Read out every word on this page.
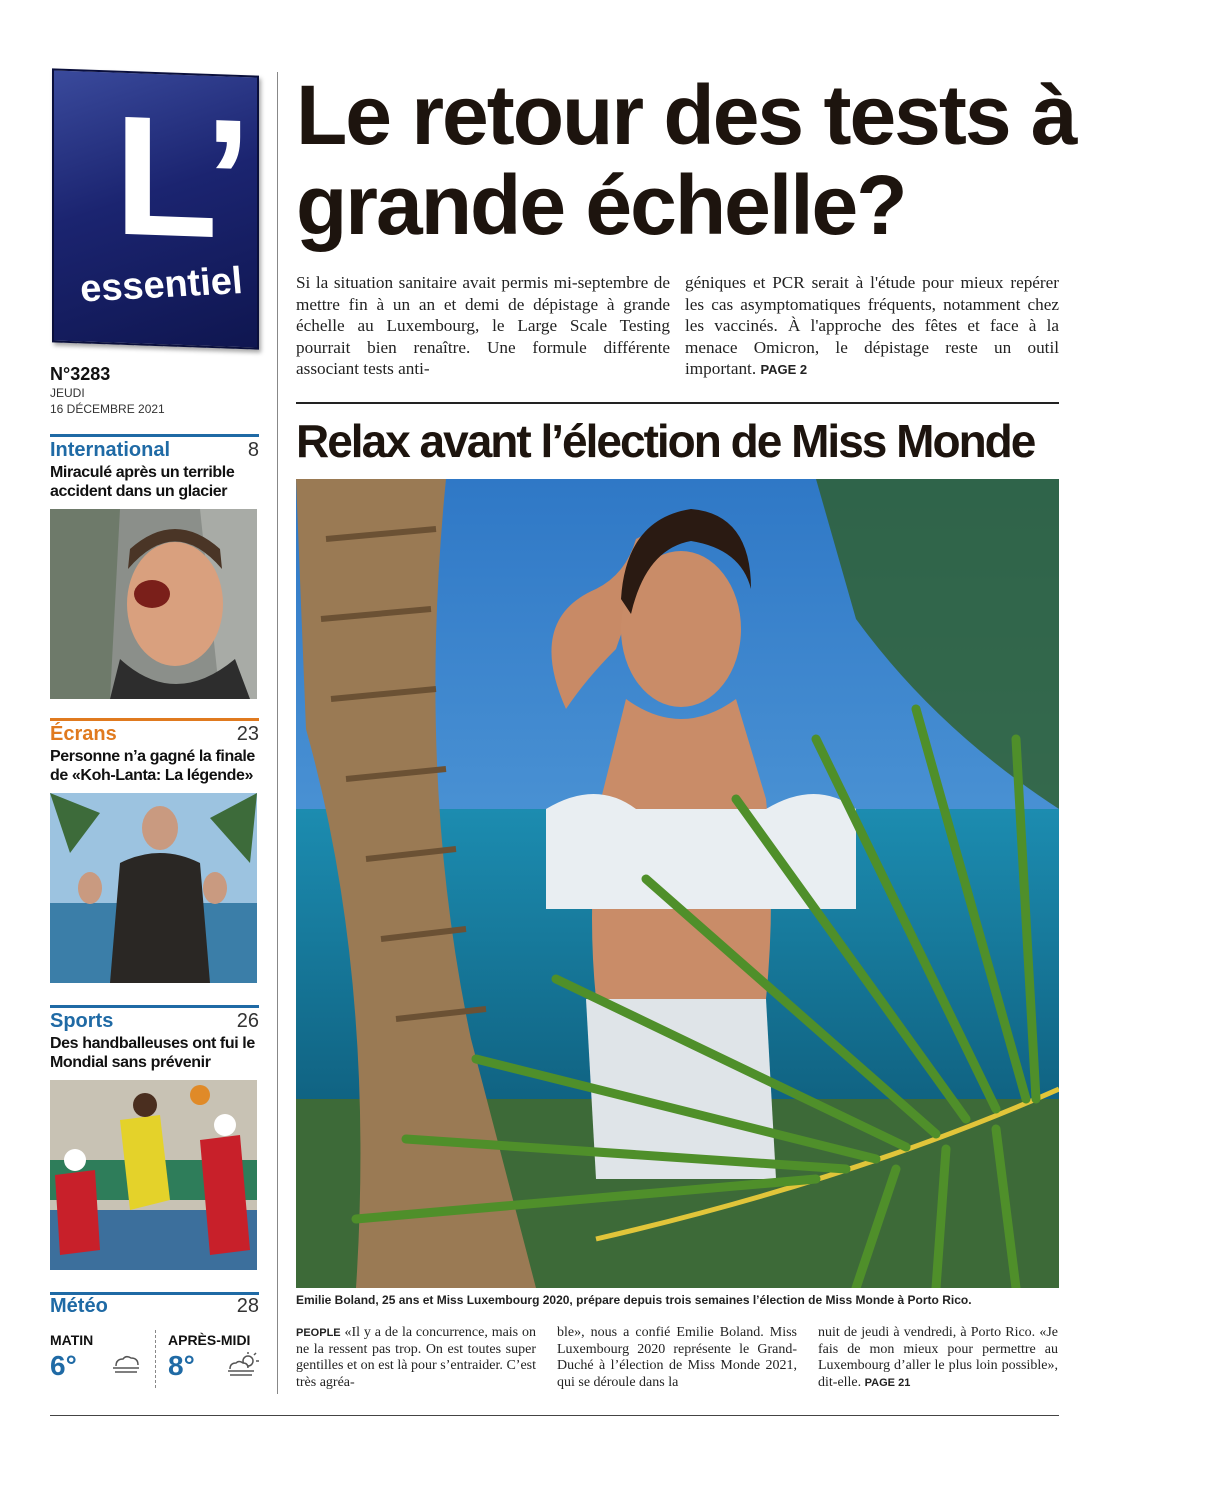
L’
essentiel
N°3283
JEUDI
16 DÉCEMBRE 2021
International	8
Miraculé après un terrible accident dans un glacier
Écrans	23
Personne n’a gagné la finale de «Koh-Lanta: La légende»
Sports	26
Des handballeuses ont fui le Mondial sans prévenir
Météo	28
MATIN
6°
APRÈS-MIDI
8°
Le retour des tests à grande échelle?
Si la situation sanitaire avait permis mi-septembre de mettre fin à un an et demi de dépistage à grande échelle au Luxembourg, le Large Scale Testing pourrait bien renaître. Une formule différente associant tests anti-
géniques et PCR serait à l'étude pour mieux repérer les cas asymptomatiques fréquents, notamment chez les vaccinés. À l'approche des fêtes et face à la menace Omicron, le dépistage reste un outil important. PAGE 2
Relax avant l’élection de Miss Monde
Emilie Boland, 25 ans et Miss Luxembourg 2020, prépare depuis trois semaines l’élection de Miss Monde à Porto Rico.
PEOPLE «Il y a de la concurrence, mais on ne la ressent pas trop. On est toutes super gentilles et on est là pour s’entraider. C’est très agréa-
ble», nous a confié Emilie Boland. Miss Luxembourg 2020 représente le Grand-Duché à l’élection de Miss Monde 2021, qui se déroule dans la
nuit de jeudi à vendredi, à Porto Rico. «Je fais de mon mieux pour permettre au Luxembourg d’aller le plus loin possible», dit-elle. PAGE 21
